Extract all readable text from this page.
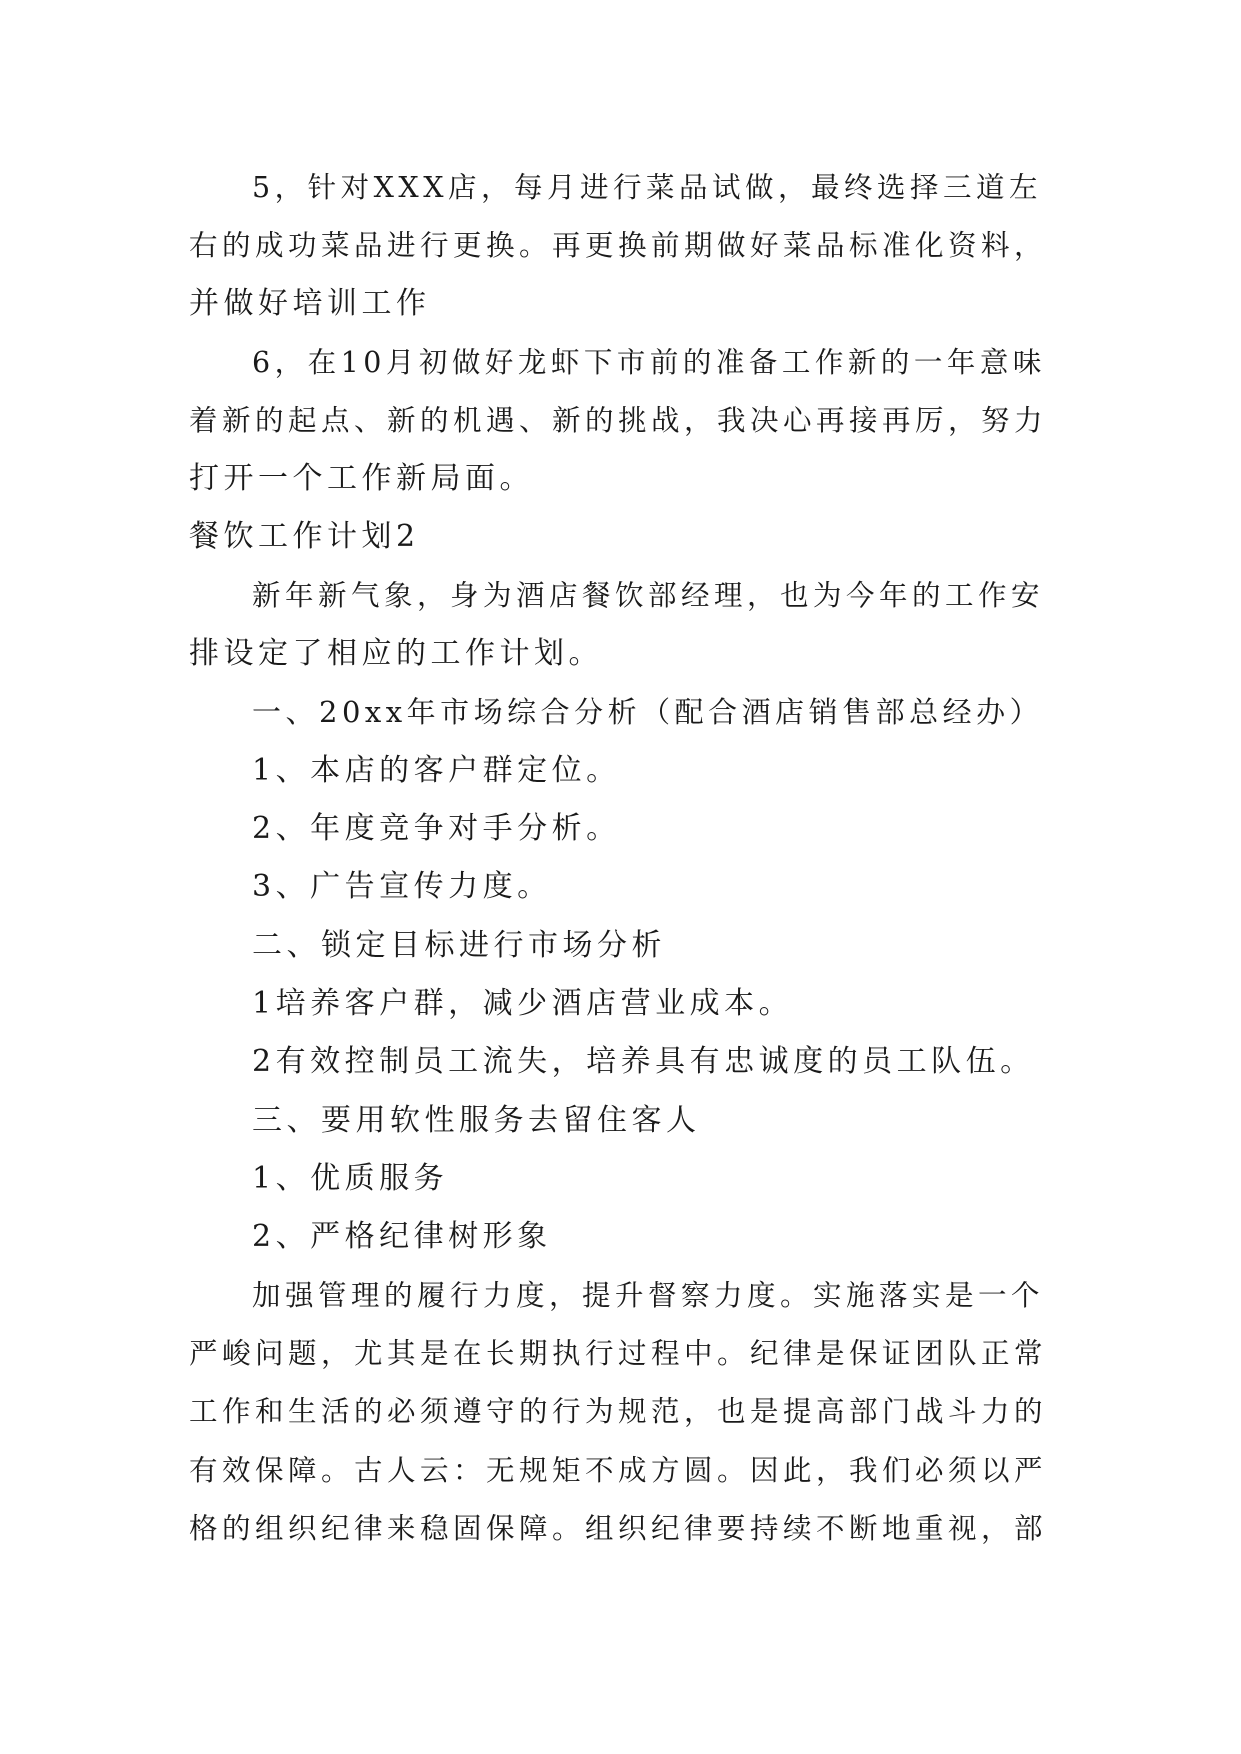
5，针对XXX店，每月进行菜品试做，最终选择三道左
右的成功菜品进行更换。再更换前期做好菜品标准化资料，
并做好培训工作
6，在10月初做好龙虾下市前的准备工作新的一年意味
着新的起点、新的机遇、新的挑战，我决心再接再厉，努力
打开一个工作新局面。
餐饮工作计划2
新年新气象，身为酒店餐饮部经理，也为今年的工作安
排设定了相应的工作计划。
一、20xx年市场综合分析（配合酒店销售部总经办）
1、本店的客户群定位。
2、年度竞争对手分析。
3、广告宣传力度。
二、锁定目标进行市场分析
1培养客户群，减少酒店营业成本。
2有效控制员工流失，培养具有忠诚度的员工队伍。
三、要用软性服务去留住客人
1、优质服务
2、严格纪律树形象
加强管理的履行力度，提升督察力度。实施落实是一个
严峻问题，尤其是在长期执行过程中。纪律是保证团队正常
工作和生活的必须遵守的行为规范，也是提高部门战斗力的
有效保障。古人云：无规矩不成方圆。因此，我们必须以严
格的组织纪律来稳固保障。组织纪律要持续不断地重视，部
